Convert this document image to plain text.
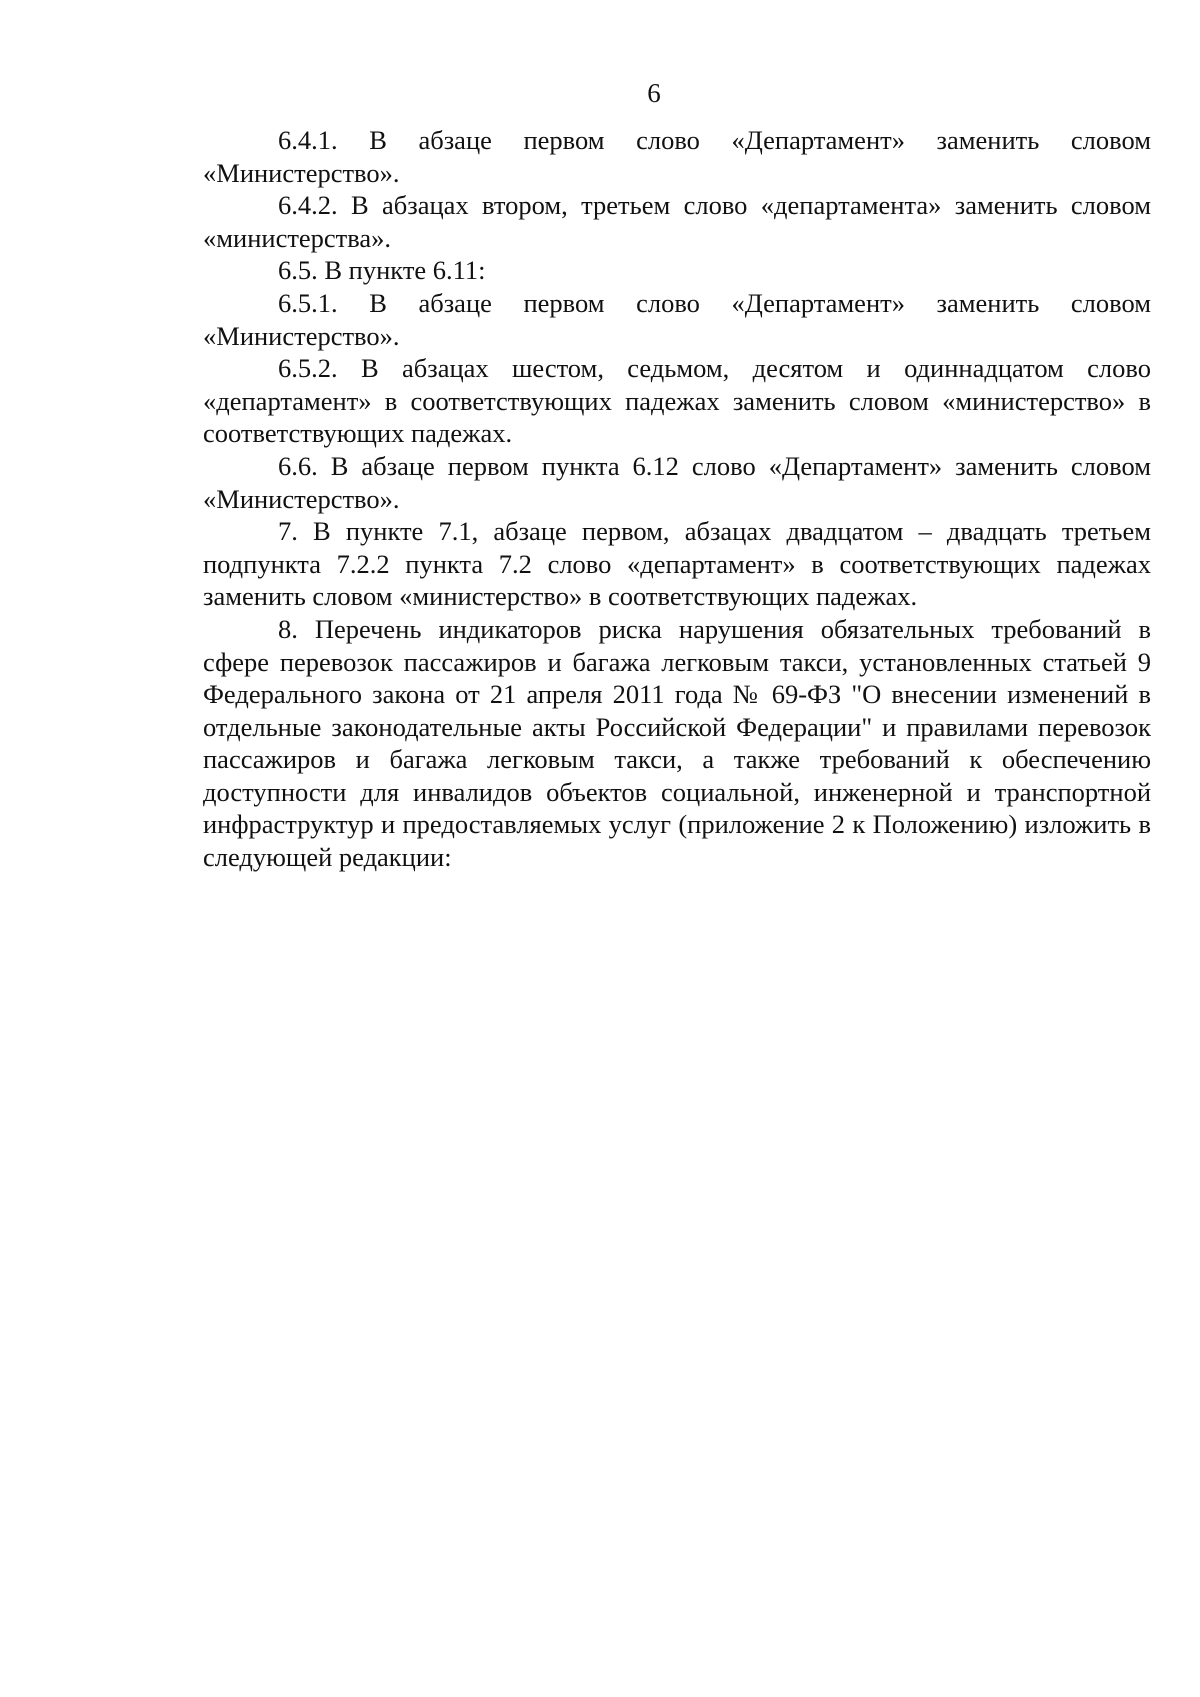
6

6.4.1. В абзаце первом слово «Департамент» заменить словом «Министерство».

6.4.2. В абзацах втором, третьем слово «департамента» заменить словом «министерства».

6.5. В пункте 6.11:

6.5.1. В абзаце первом слово «Департамент» заменить словом «Министерство».

6.5.2. В абзацах шестом, седьмом, десятом и одиннадцатом слово «департамент» в соответствующих падежах заменить словом «министерство» в соответствующих падежах.

6.6. В абзаце первом пункта 6.12 слово «Департамент» заменить словом «Министерство».

7. В пункте 7.1, абзаце первом, абзацах двадцатом – двадцать третьем подпункта 7.2.2 пункта 7.2 слово «департамент» в соответствующих падежах заменить словом «министерство» в соответствующих падежах.

8. Перечень индикаторов риска нарушения обязательных требований в сфере перевозок пассажиров и багажа легковым такси, установленных статьей 9 Федерального закона от 21 апреля 2011 года № 69-ФЗ "О внесении изменений в отдельные законодательные акты Российской Федерации" и правилами перевозок пассажиров и багажа легковым такси, а также требований к обеспечению доступности для инвалидов объектов социальной, инженерной и транспортной инфраструктур и предоставляемых услуг (приложение 2 к Положению) изложить в следующей редакции:
